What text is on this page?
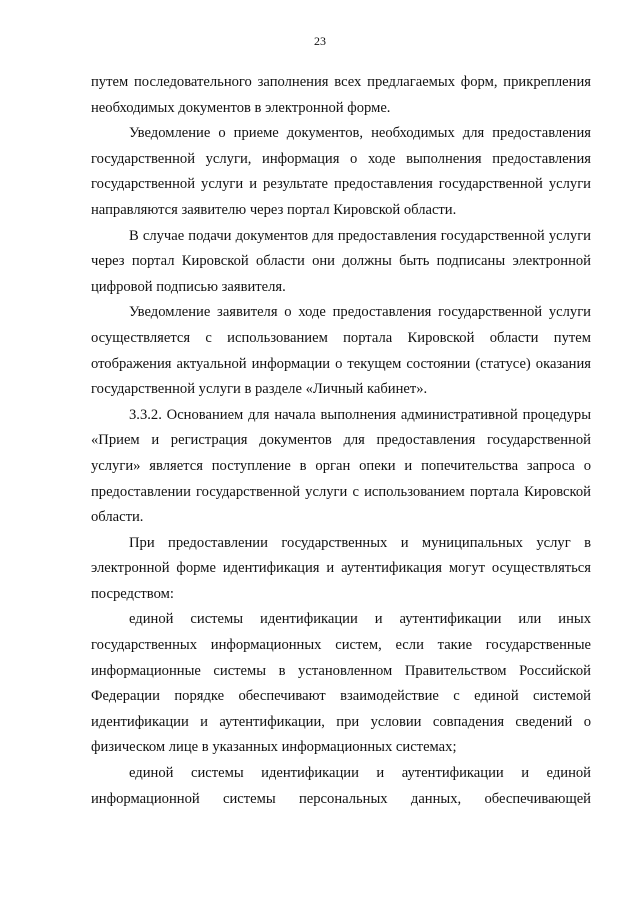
23

путем последовательного заполнения всех предлагаемых форм, прикрепления необходимых документов в электронной форме.

Уведомление о приеме документов, необходимых для предоставления государственной услуги, информация о ходе выполнения предоставления государственной услуги и результате предоставления государственной услуги направляются заявителю через портал Кировской области.

В случае подачи документов для предоставления государственной услуги через портал Кировской области они должны быть подписаны электронной цифровой подписью заявителя.

Уведомление заявителя о ходе предоставления государственной услуги осуществляется с использованием портала Кировской области путем отображения актуальной информации о текущем состоянии (статусе) оказания государственной услуги в разделе «Личный кабинет».

3.3.2. Основанием для начала выполнения административной процедуры «Прием и регистрация документов для предоставления государственной услуги» является поступление в орган опеки и попечительства запроса о предоставлении государственной услуги с использованием портала Кировской области.

При предоставлении государственных и муниципальных услуг в электронной форме идентификация и аутентификация могут осуществляться посредством:

единой системы идентификации и аутентификации или иных государственных информационных систем, если такие государственные информационные системы в установленном Правительством Российской Федерации порядке обеспечивают взаимодействие с единой системой идентификации и аутентификации, при условии совпадения сведений о физическом лице в указанных информационных системах;

единой системы идентификации и аутентификации и единой информационной системы персональных данных, обеспечивающей
